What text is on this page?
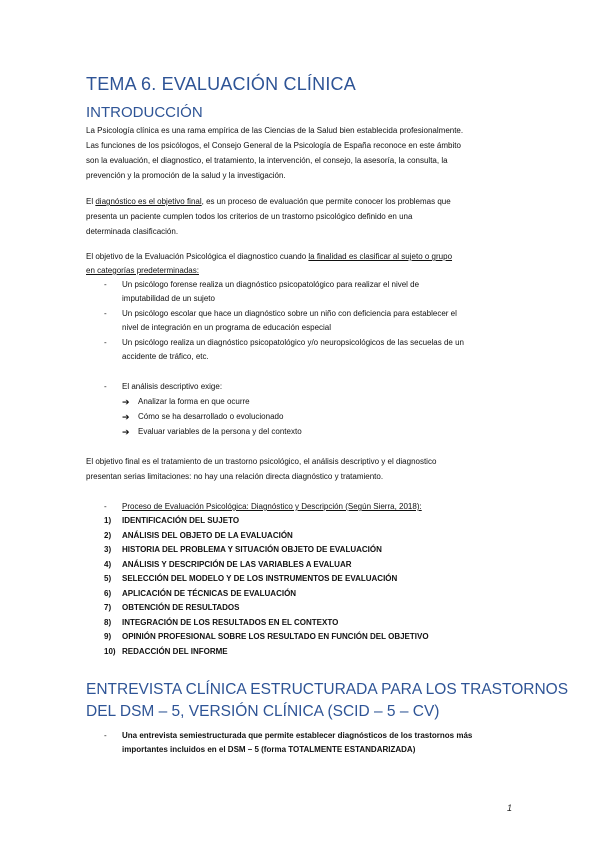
TEMA 6. EVALUACIÓN CLÍNICA
INTRODUCCIÓN
La Psicología clínica es una rama empírica de las Ciencias de la Salud bien establecida profesionalmente.
Las funciones de los psicólogos, el Consejo General de la Psicología de España reconoce en este ámbito
son la evaluación, el diagnostico, el tratamiento, la intervención, el consejo, la asesoría, la consulta, la
prevención y la promoción de la salud y la investigación.
El diagnóstico es el objetivo final, es un proceso de evaluación que permite conocer los problemas que
presenta un paciente cumplen todos los criterios de un trastorno psicológico definido en una
determinada clasificación.
El objetivo de la Evaluación Psicológica el diagnostico cuando la finalidad es clasificar al sujeto o grupo
en categorías predeterminadas:
- Un psicólogo forense realiza un diagnóstico psicopatológico para realizar el nivel de
imputabilidad de un sujeto
- Un psicólogo escolar que hace un diagnóstico sobre un niño con deficiencia para establecer el
nivel de integración en un programa de educación especial
- Un psicólogo realiza un diagnóstico psicopatológico y/o neuropsicológicos de las secuelas de un
accidente de tráfico, etc.
- El análisis descriptivo exige:
➔ Analizar la forma en que ocurre
➔ Cómo se ha desarrollado o evolucionado
➔ Evaluar variables de la persona y del contexto
El objetivo final es el tratamiento de un trastorno psicológico, el análisis descriptivo y el diagnostico
presentan serias limitaciones: no hay una relación directa diagnóstico y tratamiento.
- Proceso de Evaluación Psicológica: Diagnóstico y Descripción (Según Sierra, 2018):
1) IDENTIFICACIÓN DEL SUJETO
2) ANÁLISIS DEL OBJETO DE LA EVALUACIÓN
3) HISTORIA DEL PROBLEMA Y SITUACIÓN OBJETO DE EVALUACIÓN
4) ANÁLISIS Y DESCRIPCIÓN DE LAS VARIABLES A EVALUAR
5) SELECCIÓN DEL MODELO Y DE LOS INSTRUMENTOS DE EVALUACIÓN
6) APLICACIÓN DE TÉCNICAS DE EVALUACIÓN
7) OBTENCIÓN DE RESULTADOS
8) INTEGRACIÓN DE LOS RESULTADOS EN EL CONTEXTO
9) OPINIÓN PROFESIONAL SOBRE LOS RESULTADO EN FUNCIÓN DEL OBJETIVO
10) REDACCIÓN DEL INFORME
ENTREVISTA CLÍNICA ESTRUCTURADA PARA LOS TRASTORNOS
DEL DSM – 5, VERSIÓN CLÍNICA (SCID – 5 – CV)
- Una entrevista semiestructurada que permite establecer diagnósticos de los trastornos más
importantes incluidos en el DSM – 5 (forma TOTALMENTE ESTANDARIZADA)
1
